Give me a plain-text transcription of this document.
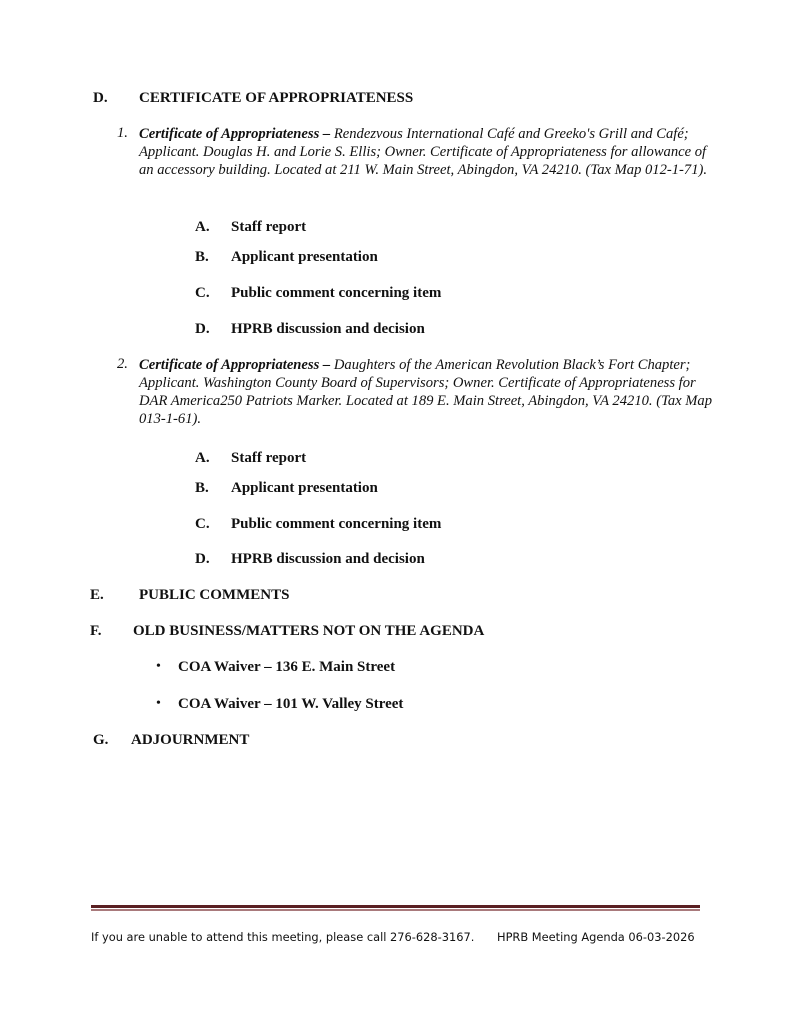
D. CERTIFICATE OF APPROPRIATENESS
1. Certificate of Appropriateness – Rendezvous International Café and Greeko's Grill and Café; Applicant. Douglas H. and Lorie S. Ellis; Owner. Certificate of Appropriateness for allowance of an accessory building. Located at 211 W. Main Street, Abingdon, VA 24210. (Tax Map 012-1-71).
A. Staff report
B. Applicant presentation
C. Public comment concerning item
D. HPRB discussion and decision
2. Certificate of Appropriateness – Daughters of the American Revolution Black’s Fort Chapter; Applicant. Washington County Board of Supervisors; Owner. Certificate of Appropriateness for DAR America250 Patriots Marker. Located at 189 E. Main Street, Abingdon, VA 24210. (Tax Map 013-1-61).
A. Staff report
B. Applicant presentation
C. Public comment concerning item
D. HPRB discussion and decision
E. PUBLIC COMMENTS
F. OLD BUSINESS/MATTERS NOT ON THE AGENDA
• COA Waiver – 136 E. Main Street
• COA Waiver – 101 W. Valley Street
G. ADJOURNMENT
If you are unable to attend this meeting, please call 276-628-3167. HPRB Meeting Agenda 06-03-2026
